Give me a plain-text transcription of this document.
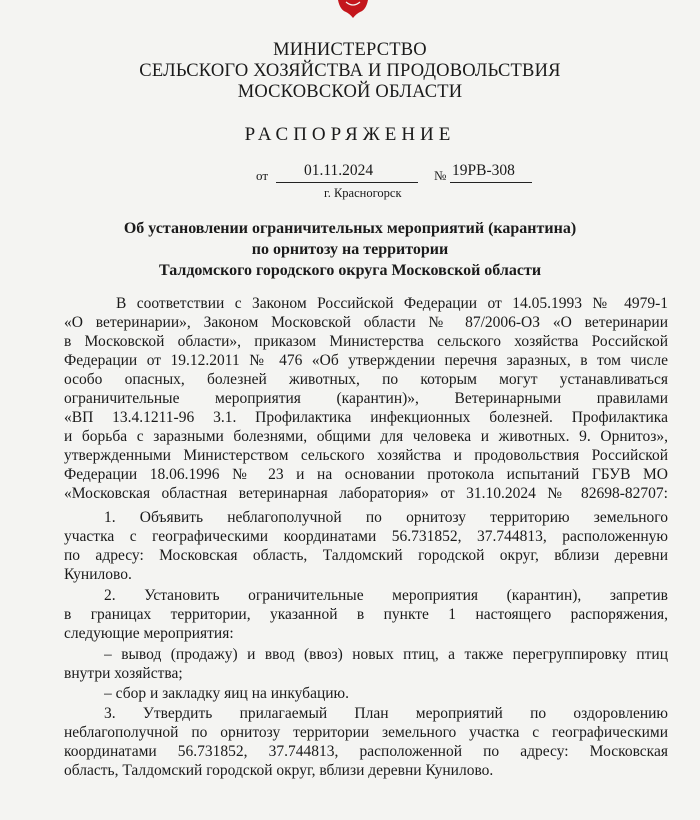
МИНИСТЕРСТВО
СЕЛЬСКОГО ХОЗЯЙСТВА И ПРОДОВОЛЬСТВИЯ
МОСКОВСКОЙ ОБЛАСТИ
РАСПОРЯЖЕНИЕ
от 01.11.2024	№ 19РВ-308
г. Красногорск
Об установлении ограничительных мероприятий (карантина)
по орнитозу на территории
Талдомского городского округа Московской области
В соответствии с Законом Российской Федерации от 14.05.1993 № 4979-1
«О ветеринарии», Законом Московской области № 87/2006-ОЗ «О ветеринарии
в Московской области», приказом Министерства сельского хозяйства Российской
Федерации от 19.12.2011 № 476 «Об утверждении перечня заразных, в том числе
особо опасных, болезней животных, по которым могут устанавливаться
ограничительные мероприятия (карантин)», Ветеринарными правилами
«ВП 13.4.1211-96 3.1. Профилактика инфекционных болезней. Профилактика
и борьба с заразными болезнями, общими для человека и животных. 9. Орнитоз»,
утвержденными Министерством сельского хозяйства и продовольствия Российской
Федерации 18.06.1996 № 23 и на основании протокола испытаний ГБУВ МО
«Московская областная ветеринарная лаборатория» от 31.10.2024 № 82698-82707:
1. Объявить неблагополучной по орнитозу территорию земельного
участка с географическими координатами 56.731852, 37.744813, расположенную
по адресу: Московская область, Талдомский городской округ, вблизи деревни
Кунилово.
2. Установить ограничительные мероприятия (карантин), запретив
в границах территории, указанной в пункте 1 настоящего распоряжения,
следующие мероприятия:
– вывод (продажу) и ввод (ввоз) новых птиц, а также перегруппировку птиц
внутри хозяйства;
– сбор и закладку яиц на инкубацию.
3. Утвердить прилагаемый План мероприятий по оздоровлению
неблагополучной по орнитозу территории земельного участка с географическими
координатами 56.731852, 37.744813, расположенной по адресу: Московская
область, Талдомский городской округ, вблизи деревни Кунилово.
